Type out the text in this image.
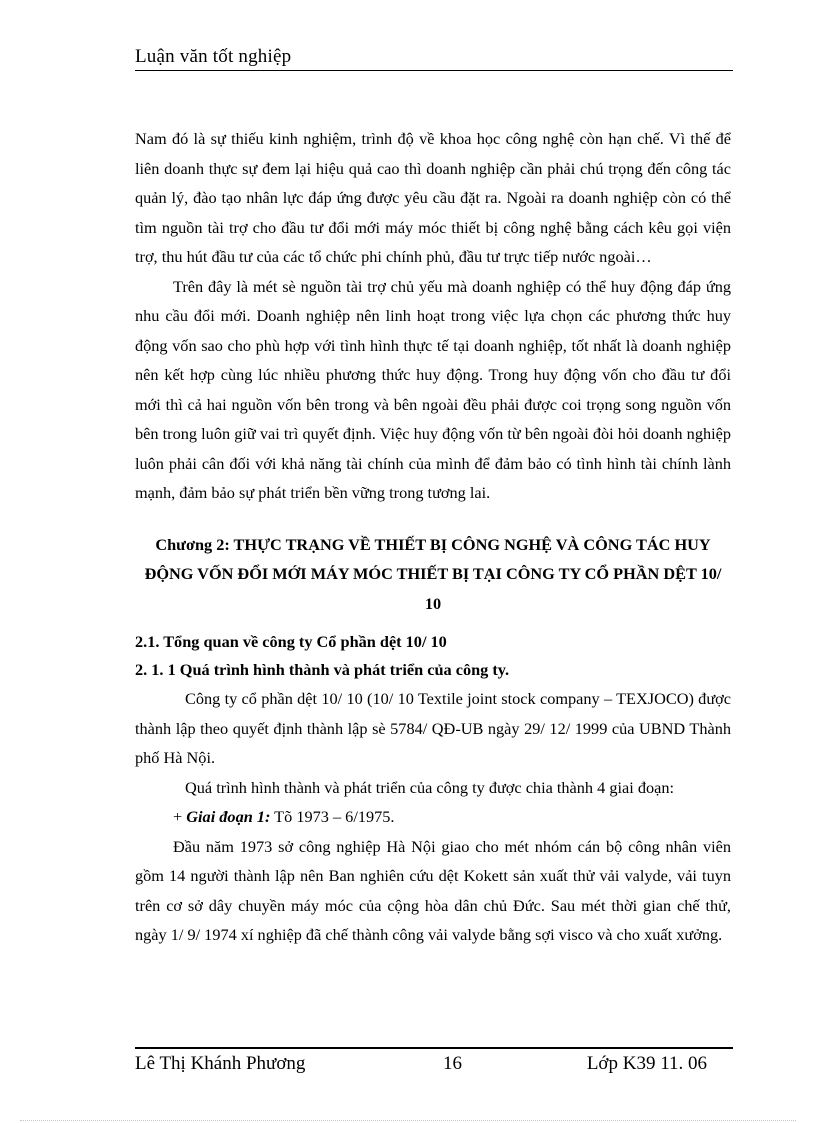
Luận văn tốt nghiệp

Nam đó là sự thiếu kinh nghiệm, trình độ về khoa học công nghệ còn hạn chế. Vì thế để liên doanh thực sự đem lại hiệu quả cao thì doanh nghiệp cần phải chú trọng đến công tác quản lý, đào tạo nhân lực đáp ứng được yêu cầu đặt ra. Ngoài ra doanh nghiệp còn có thể tìm nguồn tài trợ cho đầu tư đổi mới máy móc thiết bị công nghệ bằng cách kêu gọi viện trợ, thu hút đầu tư của các tổ chức phi chính phủ, đầu tư trực tiếp nước ngoài…

Trên đây là mét sè nguồn tài trợ chủ yếu mà doanh nghiệp có thể huy động đáp ứng nhu cầu đổi mới. Doanh nghiệp nên linh hoạt trong việc lựa chọn các phương thức huy động vốn sao cho phù hợp với tình hình thực tế tại doanh nghiệp, tốt nhất là doanh nghiệp nên kết hợp cùng lúc nhiều phương thức huy động. Trong huy động vốn cho đầu tư đổi mới thì cả hai nguồn vốn bên trong và bên ngoài đều phải được coi trọng song nguồn vốn bên trong luôn giữ vai trì quyết định. Việc huy động vốn từ bên ngoài đòi hỏi doanh nghiệp luôn phải cân đối với khả năng tài chính của mình để đảm bảo có tình hình tài chính lành mạnh, đảm bảo sự phát triển bền vững trong tương lai.

Chương 2: THỰC TRẠNG VỀ THIẾT BỊ CÔNG NGHỆ VÀ CÔNG TÁC HUY ĐỘNG VỐN ĐỔI MỚI MÁY MÓC THIẾT BỊ TẠI CÔNG TY CỔ PHẦN DỆT 10/ 10

2.1. Tổng quan về công ty Cổ phần dệt 10/ 10

2. 1. 1 Quá trình hình thành và phát triển của công ty.

Công ty cổ phần dệt 10/ 10 (10/ 10 Textile joint stock company – TEXJOCO) được thành lập theo quyết định thành lập sè 5784/ QĐ-UB ngày 29/ 12/ 1999 của UBND Thành phố Hà Nội.

Quá trình hình thành và phát triển của công ty được chia thành 4 giai đoạn:

+ Giai đoạn 1: Tõ 1973 – 6/1975.

Đầu năm 1973 sở công nghiệp Hà Nội giao cho mét nhóm cán bộ công nhân viên gồm 14 người thành lập nên Ban nghiên cứu dệt Kokett sản xuất thử vải valyde, vải tuyn trên cơ sở dây chuyền máy móc của cộng hòa dân chủ Đức. Sau mét thời gian chế thử, ngày 1/ 9/ 1974 xí nghiệp đã chế thành công vải valyde bằng sợi visco và cho xuất xưởng.

Lê Thị Khánh Phương	16	Lớp K39 11. 06
